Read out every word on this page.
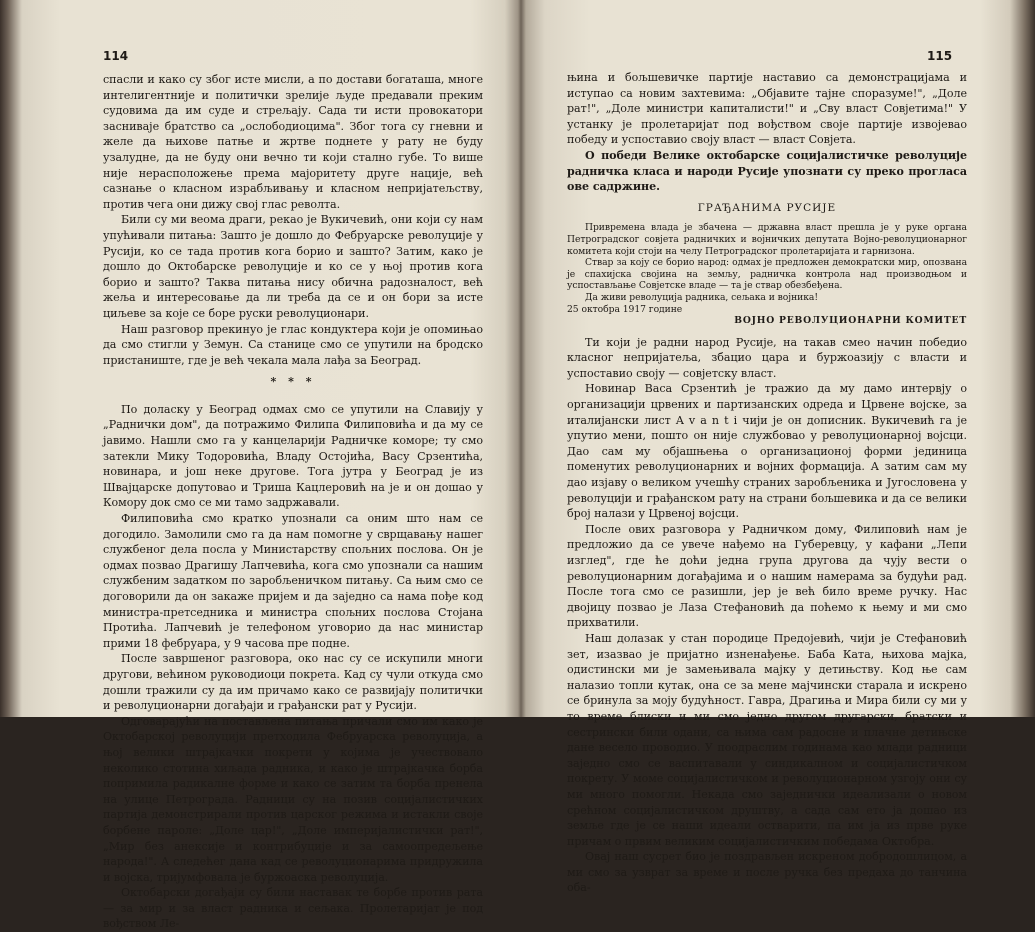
114

спасли и како су због исте мисли, а по достави богаташа, многе интелигентније и политички зрелије људе предавали преким судовима да им суде и стрељају. Сада ти исти провокатори засниваје братство са „ослободиоцима". Због тога су гневни и желе да њихове патње и жртве поднете у рату не буду узалудне, да не буду они вечно ти који стално губе. То више није нерасположење према мајоритету друге нације, већ сазнање о класном израбљивању и класном непријатељству, против чега они дижу свој глас револта.

Били су ми веома драги, рекао је Вукичевић, они који су нам упућивали питања: Зашто је дошло до Фебруарске револуције у Русији, ко се тада против кога борио и зашто? Затим, како је дошло до Октобарске револуције и ко се у њој против кога борио и зашто? Таква питања нису обична радозналост, већ жеља и интересовање да ли треба да се и он бори за исте циљеве за које се боре руски револуционари.

Наш разговор прекинуо је глас кондуктера који је опомињао да смо стигли у Земун. Са станице смо се упутили на бродско пристаниште, где је већ чекала мала лађа за Београд.

* * *

По доласку у Београд одмах смо се упутили на Славију у „Раднички дом", да потражимо Филипа Филиповића и да му се јавимо. Нашли смо га у канцеларији Радничке коморе; ту смо затекли Мику Тодоровића, Владу Остојића, Васу Срзентића, новинара, и још неке другове. Тога јутра у Београд је из Швајцарске допутовао и Триша Кацлеровић на је и он дошао у Комору док смо се ми тамо задржавали.

Филиповића смо кратко упознали са оним што нам се догодило. Замолили смо га да нам помогне у сврщавању нашег службеног дела посла у Министарству спољних послова. Он је одмах позвао Драгишу Лапчевића, кога смо упознали са нашим службеним задатком по заробљеничком питању. Са њим смо се договорили да он закаже пријем и да заједно са нама пође код министра-претседника и министра спољних послова Стојана Протића. Лапчевић је телефоном уговорио да нас министар прими 18 фебруара, у 9 часова пре подне.

После завршеног разговора, око нас су се искупили многи другови, већином руководиоци покрета. Кад су чули откуда смо дошли тражили су да им причамо како се развијају политички и револуционарни догађаји и грађански рат у Русији.

Одговарајући на постављена питања причали смо им како је Октобарској револуцији претходила Фебруарска револуција, а њој велики штрајкачки покрети у којима је учествовало неколико стотина хиљада радника, и како је штрајкачка борба попримила радикалне форме и како се затим та борба пренела на улице Петрограда. Радници су на позив социјалистичких партија демонстрирали против царског режима и истакли своје борбене пароле: „Доле цар!", „Доле империјалистички рат!", „Мир без анексије и контрибуције и за самоопредељење народа!". А следећег дана кад се револуционарима придружила и војска, тријумфовала је буржоаска револуција.

Октобарски догађаји су били наставак те борбе против рата — за мир и за власт радника и сељака. Пролетаријат је под вођством Ле-

115

њина и бољшевичке партије наставио са демонстрацијама и иступао са новим захтевима: „Објавите тајне споразуме!", „Доле рат!", „Доле министри капиталисти!" и „Сву власт Совјетима!" У устанку је пролетаријат под вођством своје партије извојевао победу и успоставио своју власт — власт Совјета.

О победи Велике октобарске социјалистичке револуције радничка класа и народи Русије упознати су преко прогласа ове садржине.

ГРАЂАНИМА РУСИЈЕ

Привремена влада је збачена — државна власт прешла је у руке органа Петроградског совјета радничких и војничких депутата Војно-револуционарног комитета који стоји на челу Петроградског пролетаријата и гарнизона.

Ствар за коју се борио народ: одмах је предложен демократски мир, опозвана је спахијска својина на земљу, радничка контрола над производњом и успостављање Совјетске владе — та је ствар обезбеђена.

Да живи револуција радника, сељака и војника!

25 октобра 1917 године

ВОЈНО РЕВОЛУЦИОНАРНИ КОМИТЕТ

Ти који је радни народ Русије, на такав смео начин победио класног непријатеља, збацио цара и буржоазију с власти и успоставио своју — совјетску власт.

Новинар Васа Срзентић је тражио да му дамо интервју о организацији црвених и партизанских одреда и Црвене војске, за италијански лист A v a n t i чији је он дописник. Вукичевић га је упутио мени, пошто он није службовао у револуционарној војсци. Дао сам му објашњења о организационој форми јединица поменутих револуционарних и војних формација. А затим сам му дао изјаву о великом учешћу страних заробљеника и Југословена у револуцији и грађанском рату на страни бољшевика и да се велики број налази у Црвеној војсци.

После ових разговора у Радничком дому, Филиповић нам је предложио да се увече нађемо на Губеревцу, у кафани „Лепи изглед", где ће доћи једна група другова да чују вести о револуционарним догађајима и о нашим намерама за будући рад. После тога смо се разишли, јер је већ било време ручку. Нас двојицу позвао је Лаза Стефановић да поћемо к њему и ми смо прихватили.

Наш долазак у стан породице Предојевић, чији је Стефановић зет, изазвао је пријатно изненађење. Баба Ката, њихова мајка, одистински ми је замењивала мајку у детињству. Код ње сам налазио топли кутак, она се за мене мајчински старала и искрено се бринула за моју будућност. Гавра, Драгиња и Мира били су ми у то време блиски и ми смо једно другом другарски, братски и сестрински били одани, са њима сам радосне и плачне детињске дане весело проводио. У поодраслим годинама као млади радници заједно смо се васпитавали у синдикалном и социјалистичком покрету. У моме социјалистичком и револуционарном узгоју они су ми много помогли. Некада смо заједнички идеализали о новом срећном социјалистичком друштву, а сада сам ето ја дошао из земље где је се наши идеали остварити, па им ја из прве руке причам о првим великим социјалистичким победама Октобра.

Овај наш сусрет био је поздрављен искреном добродошлицом, а ми смо за узврат за време и после ручка без предаха до танчина оба-
